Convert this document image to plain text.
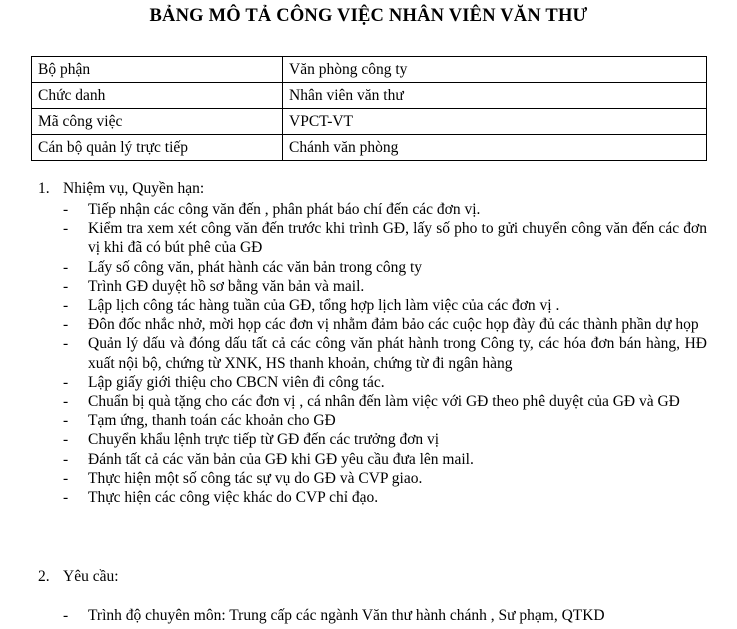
BẢNG MÔ TẢ CÔNG VIỆC NHÂN VIÊN VĂN THƯ
Bộ phận	Văn phòng công ty
Chức danh	Nhân viên văn thư
Mã công việc	VPCT-VT
Cán bộ quản lý trực tiếp	Chánh văn phòng
1. Nhiệm vụ, Quyền hạn:
- Tiếp nhận các công văn đến , phân phát báo chí đến các đơn vị.
- Kiểm tra xem xét công văn đến trước khi trình GĐ, lấy số pho to gửi chuyển công văn đến các đơn vị khi đã có bút phê của GĐ
- Lấy số công văn, phát hành các văn bản trong công ty
- Trình GĐ duyệt hồ sơ bằng văn bản và mail.
- Lập lịch công tác hàng tuần của GĐ, tổng hợp lịch làm việc của các đơn vị .
- Đôn đốc nhắc nhở, mời họp các đơn vị nhằm đảm bảo các cuộc họp đày đủ các thành phần dự họp
- Quản lý dấu và đóng dấu tất cả các công văn phát hành trong Công ty, các hóa đơn bán hàng, HĐ xuất nội bộ, chứng từ XNK, HS thanh khoản, chứng từ đi ngân hàng
- Lập giấy giới thiệu cho CBCN viên đi công tác.
- Chuẩn bị quà tặng cho các đơn vị , cá nhân đến làm việc với GĐ theo phê duyệt của GĐ và GĐ
- Tạm ứng, thanh toán các khoản cho GĐ
- Chuyển khẩu lệnh trực tiếp từ GĐ đến các trưởng đơn vị
- Đánh tất cả các văn bản của GĐ khi GĐ yêu cầu đưa lên mail.
- Thực hiện một số công tác sự vụ do GĐ và CVP giao.
- Thực hiện các công việc khác do CVP chỉ đạo.
2. Yêu cầu:
- Trình độ chuyên môn: Trung cấp các ngành Văn thư hành chánh , Sư phạm, QTKD
